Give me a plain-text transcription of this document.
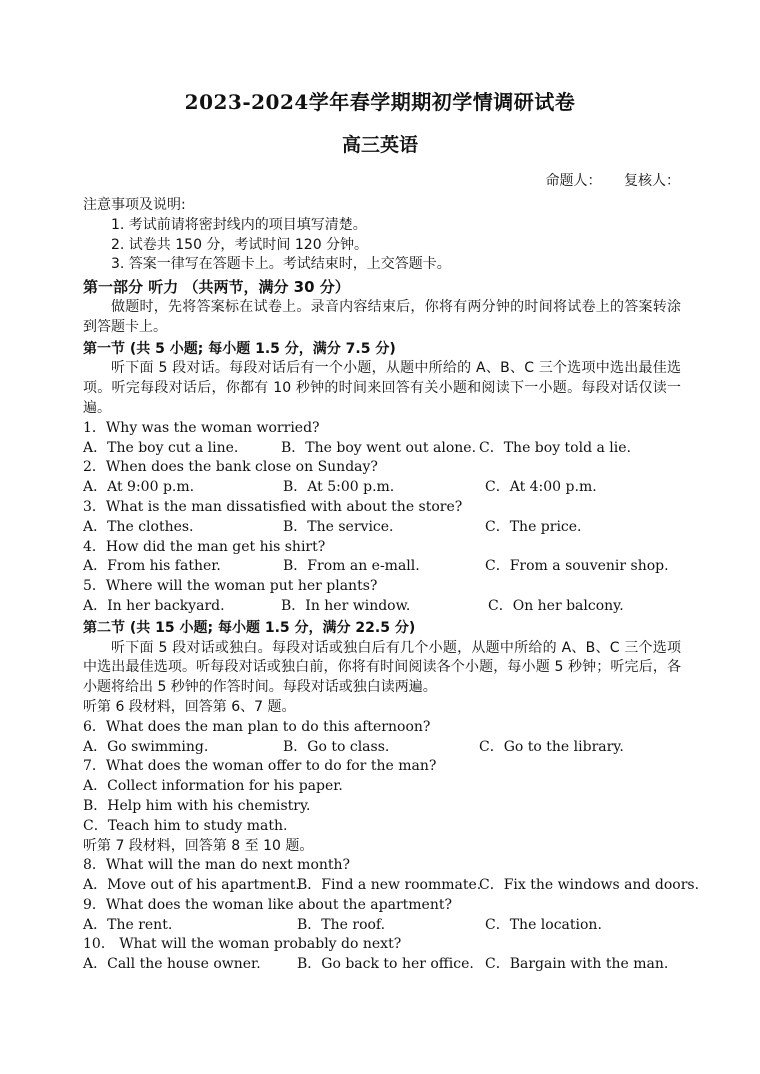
2023-2024学年春学期期初学情调研试卷
高三英语
命题人： 复核人：
注意事项及说明:
1. 考试前请将密封线内的项目填写清楚。
2. 试卷共 150 分，考试时间 120 分钟。
3. 答案一律写在答题卡上。考试结束时，上交答题卡。
第一部分 听力 （共两节，满分 30 分）
做题时，先将答案标在试卷上。录音内容结束后，你将有两分钟的时间将试卷上的答案转涂到答题卡上。
第一节 (共 5 小题; 每小题 1.5 分，满分 7.5 分)
听下面 5 段对话。每段对话后有一个小题，从题中所给的 A、B、C 三个选项中选出最佳选项。听完每段对话后，你都有 10 秒钟的时间来回答有关小题和阅读下一小题。每段对话仅读一遍。
1．Why was the woman worried?
A．The boy cut a line.	B．The boy went out alone. C．The boy told a lie.
2．When does the bank close on Sunday?
A．At 9:00 p.m.	B．At 5:00 p.m.	C．At 4:00 p.m.
3．What is the man dissatisfied with about the store?
A．The clothes.	B．The service.	C．The price.
4．How did the man get his shirt?
A．From his father.	B．From an e-mall.	C．From a souvenir shop.
5．Where will the woman put her plants?
A．In her backyard.	B．In her window.	C．On her balcony.
第二节 (共 15 小题; 每小题 1.5 分，满分 22.5 分)
听下面 5 段对话或独白。每段对话或独白后有几个小题，从题中所给的 A、B、C 三个选项中选出最佳选项。听每段对话或独白前，你将有时间阅读各个小题，每小题 5 秒钟；听完后，各小题将给出 5 秒钟的作答时间。每段对话或独白读两遍。
听第 6 段材料，回答第 6、7 题。
6．What does the man plan to do this afternoon?
A．Go swimming.	B．Go to class.	C．Go to the library.
7．What does the woman offer to do for the man?
A．Collect information for his paper.
B．Help him with his chemistry.
C．Teach him to study math.
听第 7 段材料，回答第 8 至 10 题。
8．What will the man do next month?
A．Move out of his apartment.
B．Find a new roommate.
C．Fix the windows and doors.
9．What does the woman like about the apartment?
A．The rent.	B．The roof.	C．The location.
10． What will the woman probably do next?
A．Call the house owner.	B．Go back to her office. C．Bargain with the man.
